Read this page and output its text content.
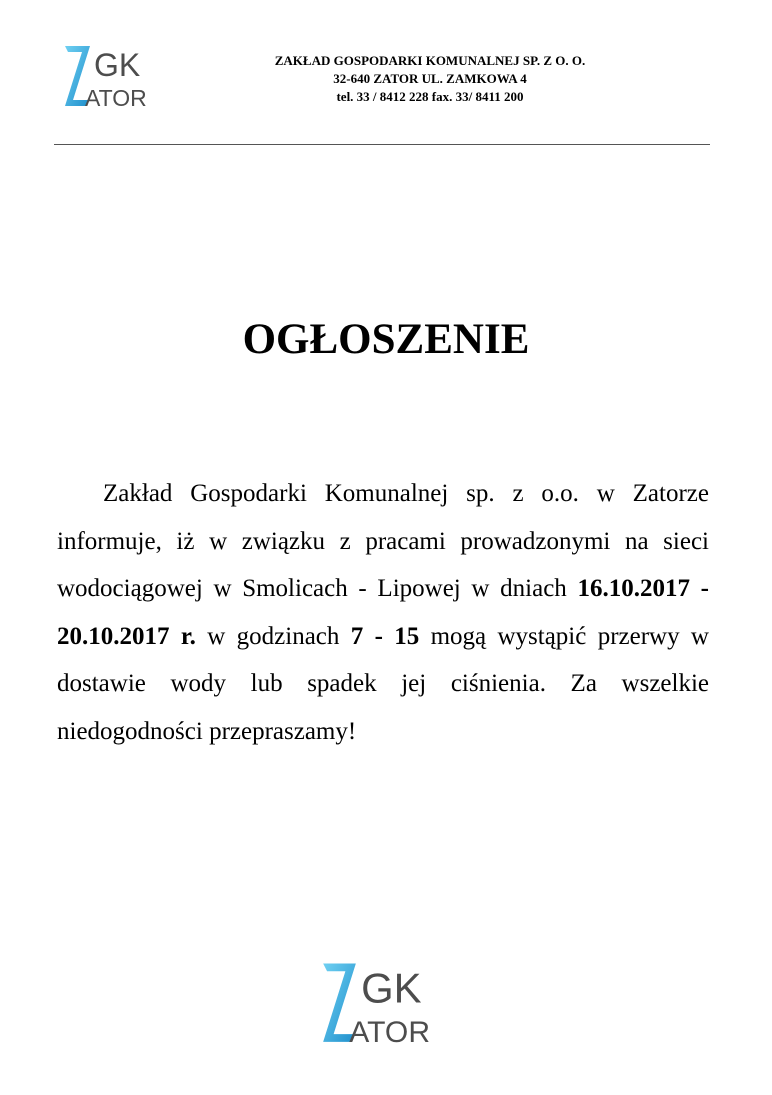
GK
ATOR
ZAKŁAD GOSPODARKI KOMUNALNEJ SP. Z O. O.
32-640 ZATOR UL. ZAMKOWA 4
tel. 33 / 8412 228 fax. 33/ 8411 200
OGŁOSZENIE

Zakład Gospodarki Komunalnej sp. z o.o. w Zatorze informuje, iż w związku z pracami prowadzonymi na sieci wodociągowej w Smolicach - Lipowej w dniach 16.10.2017 - 20.10.2017 r. w godzinach 7 - 15 mogą wystąpić przerwy w dostawie wody lub spadek jej ciśnienia. Za wszelkie niedogodności przepraszamy!

GK
ATOR
